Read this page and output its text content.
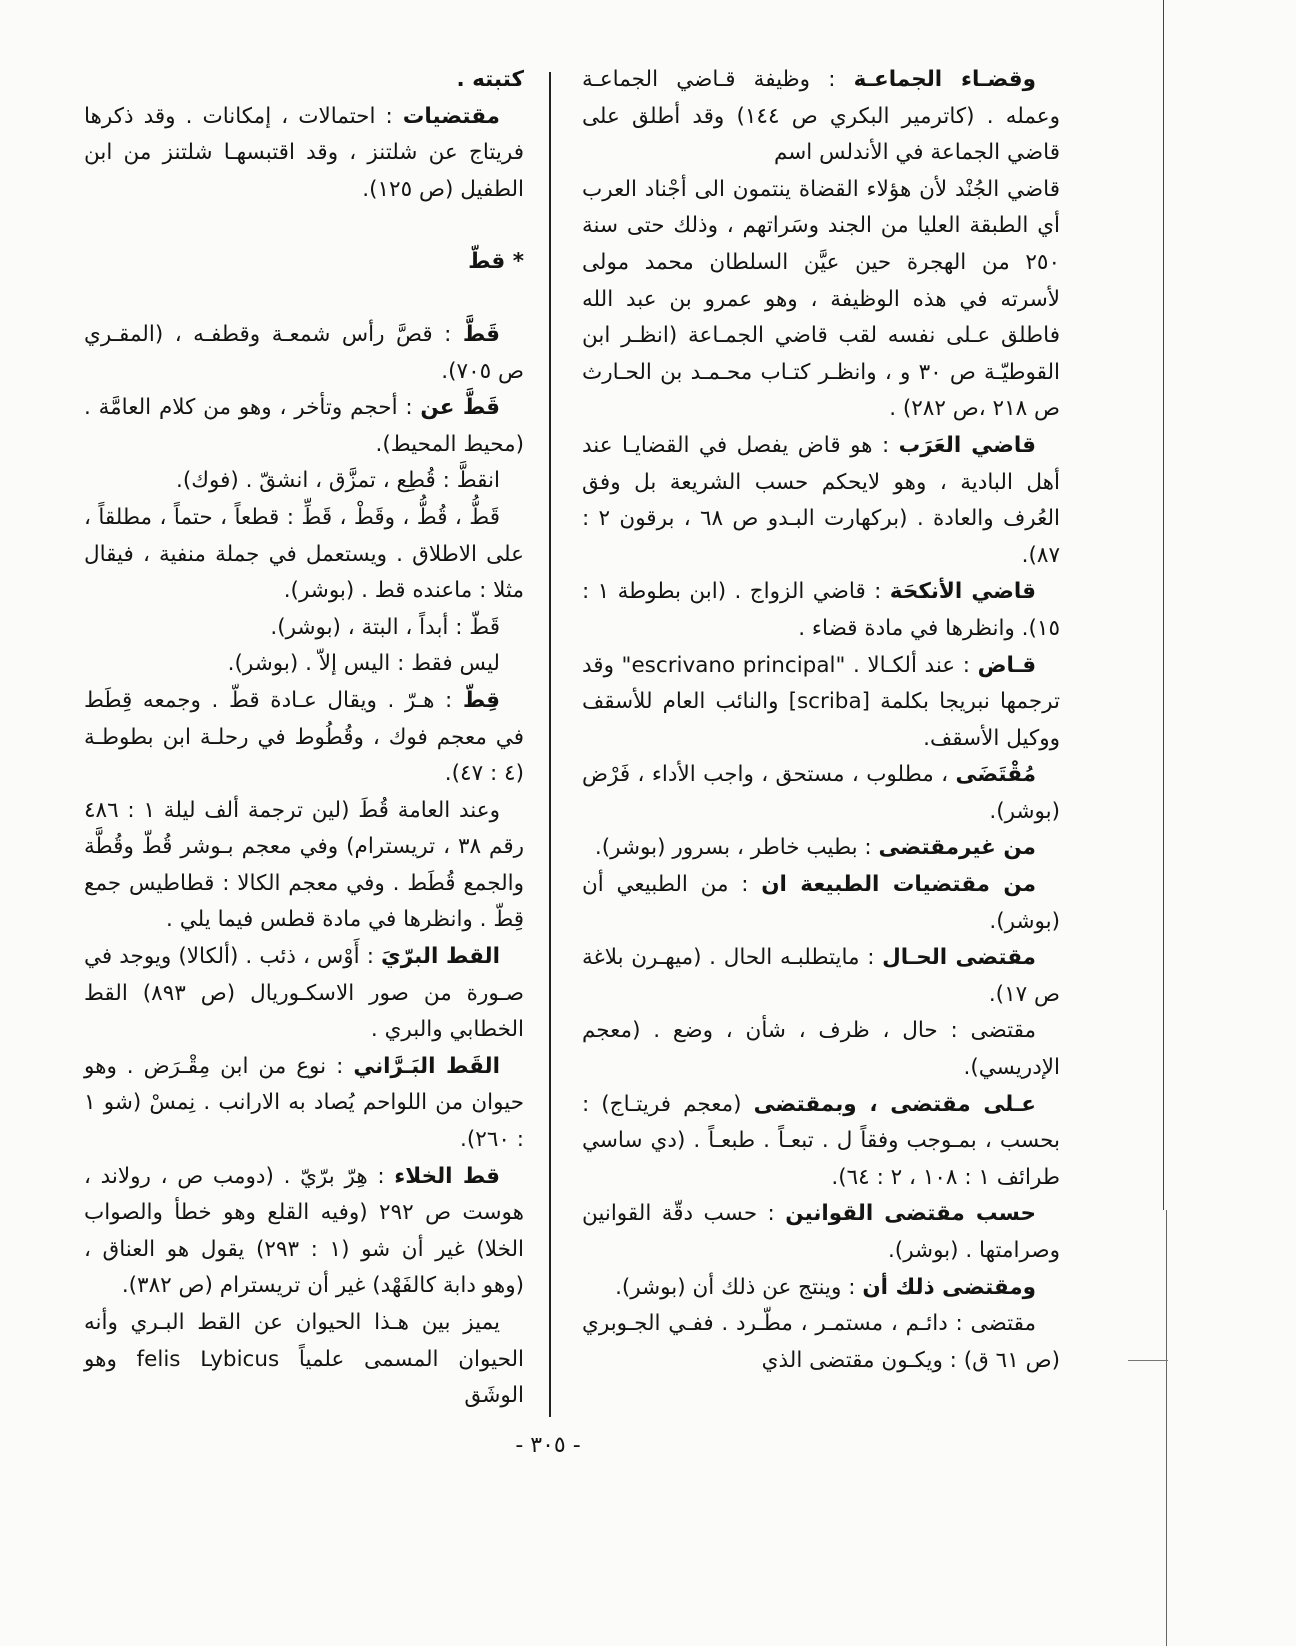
وقضـاء الجماعـة : وظيفة قـاضي الجماعـة وعمله . (كاترمير البكري ص ١٤٤) وقد أطلق على قاضي الجماعة في الأندلس اسم

قاضي الجُنْد لأن هؤلاء القضاة ينتمون الى أجْناد العرب أي الطبقة العليا من الجند وسَراتهم ، وذلك حتى سنة ٢٥٠ من الهجرة حين عيَّن السلطان محمد مولى لأسرته في هذه الوظيفة ، وهو عمرو بن عبد الله فاطلق عـلى نفسه لقب قاضي الجمـاعة (انظـر ابن القوطيّـة ص ٣٠ و ، وانظـر كتـاب محـمـد بن الحـارث ص ٢١٨ ،ص ٢٨٢) .

قاضي العَرَب : هو قاض يفصل في القضايـا عند أهل البادية ، وهو لايحكم حسب الشريعة بل وفق العُرف والعادة . (بركهارت البـدو ص ٦٨ ، برقون ٢ : ٨٧).

قاضي الأنكحَة : قاضي الزواج . (ابن بطوطة ١ : ١٥). وانظرها في مادة قضاء .

قـاض : عند ألكـالا . "escrivano principal" وقد ترجمها نبريجا بكلمة [scriba] والنائب العام للأسقف ووكيل الأسقف.

مُقْتَضَى ، مطلوب ، مستحق ، واجب الأداء ، فَرْض (بوشر).

من غيرمقتضى : بطيب خاطر ، بسرور (بوشر).

من مقتضيات الطبيعة ان : من الطبيعي أن (بوشر).

مقتضى الحـال : مايتطلبـه الحال . (ميهـرن بلاغة ص ١٧).

مقتضى : حال ، ظرف ، شأن ، وضع . (معجم الإدريسي).

عـلى مقتضى ، وبمقتضى (معجم فريتـاج) : بحسب ، بمـوجب وفقاً ل . تبعـاً . طبعـاً . (دي ساسي طرائف ١ : ١٠٨ ، ٢ : ٦٤).

حسب مقتضى القوانين : حسب دقّة القوانين وصرامتها . (بوشر).

ومقتضى ذلك أن : وينتج عن ذلك أن (بوشر).

مقتضى : دائـم ، مستمـر ، مطّـرد . ففـي الجـوبري (ص ٦١ ق) : ويكـون مقتضى الذي

كتبته .

مقتضيات : احتمالات ، إمكانات . وقد ذكرها فريتاج عن شلتنز ، وقد اقتبسهـا شلتنز من ابن الطفيل (ص ١٢٥).

* قطّ

قَطَّ : قصَّ رأس شمعـة وقطفـه ، (المقـري ص ٧٠٥).

قَطَّ عن : أحجم وتأخر ، وهو من كلام العامَّة . (محيط المحيط).

انقطَّ : قُطِع ، تمزَّق ، انشقّ . (فوك).

قَطُّ ، قُطُّ ، وقَطْ ، قَطِّ : قطعاً ، حتماً ، مطلقاً ، على الاطلاق . ويستعمل في جملة منفية ، فيقال مثلا : ماعنده قط . (بوشر).

قَطّ : أبداً ، البتة ، (بوشر).

ليس فقط : اليس إلاّ . (بوشر).

قِطّ : هـرّ . ويقال عـادة قطّ . وجمعه قِطَط في معجم فوك ، وقُطُوط في رحلـة ابن بطوطـة (٤ : ٤٧).

وعند العامة قُطَ (لين ترجمة ألف ليلة ١ : ٤٨٦ رقم ٣٨ ، تريسترام) وفي معجم بـوشر قُطّ وقُطَّة والجمع قُطَط . وفي معجم الكالا : قطاطيس جمع قِطّ . وانظرها في مادة قطس فيما يلي .

القط البرّيَ : أَوْس ، ذئب . (ألكالا) ويوجد في صـورة من صور الاسكـوريال (ص ٨٩٣) القط الخطابي والبري .

القَط البَـرَّاني : نوع من ابن مِقْـرَض . وهو حيوان من اللواحم يُصاد به الارانب . نِمسْ (شو ١ : ٢٦٠).

قط الخلاء : هِرّ برّيّ . (دومب ص ، رولاند ، هوست ص ٢٩٢ (وفيه القلع وهو خطأ والصواب الخلا) غير أن شو (١ : ٢٩٣) يقول هو العناق ، (وهو دابة كالفَهْد) غير أن تريسترام (ص ٣٨٢).

يميز بين هـذا الحيوان عن القط البـري وأنه الحيوان المسمى علمياً felis Lybicus وهو الوشَق

- ٣٠٥ -
